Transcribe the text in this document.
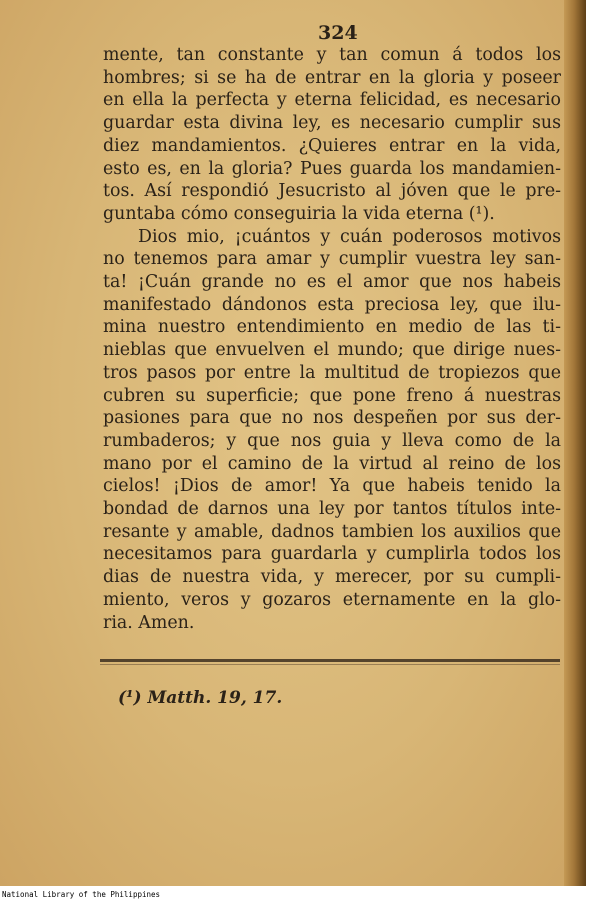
324
mente, tan constante y tan comun á todos los
hombres; si se ha de entrar en la gloria y poseer
en ella la perfecta y eterna felicidad, es necesario
guardar esta divina ley, es necesario cumplir sus
diez mandamientos. ¿Quieres entrar en la vida,
esto es, en la gloria? Pues guarda los mandamien-
tos. Así respondió Jesucristo al jóven que le pre-
guntaba cómo conseguiria la vida eterna (¹).
Dios mio, ¡cuántos y cuán poderosos motivos
no tenemos para amar y cumplir vuestra ley san-
ta! ¡Cuán grande no es el amor que nos habeis
manifestado dándonos esta preciosa ley, que ilu-
mina nuestro entendimiento en medio de las ti-
nieblas que envuelven el mundo; que dirige nues-
tros pasos por entre la multitud de tropiezos que
cubren su superficie; que pone freno á nuestras
pasiones para que no nos despeñen por sus der-
rumbaderos; y que nos guia y lleva como de la
mano por el camino de la virtud al reino de los
cielos! ¡Dios de amor! Ya que habeis tenido la
bondad de darnos una ley por tantos títulos inte-
resante y amable, dadnos tambien los auxilios que
necesitamos para guardarla y cumplirla todos los
dias de nuestra vida, y merecer, por su cumpli-
miento, veros y gozaros eternamente en la glo-
ria. Amen.
(¹) Matth. 19, 17.
National Library of the Philippines
